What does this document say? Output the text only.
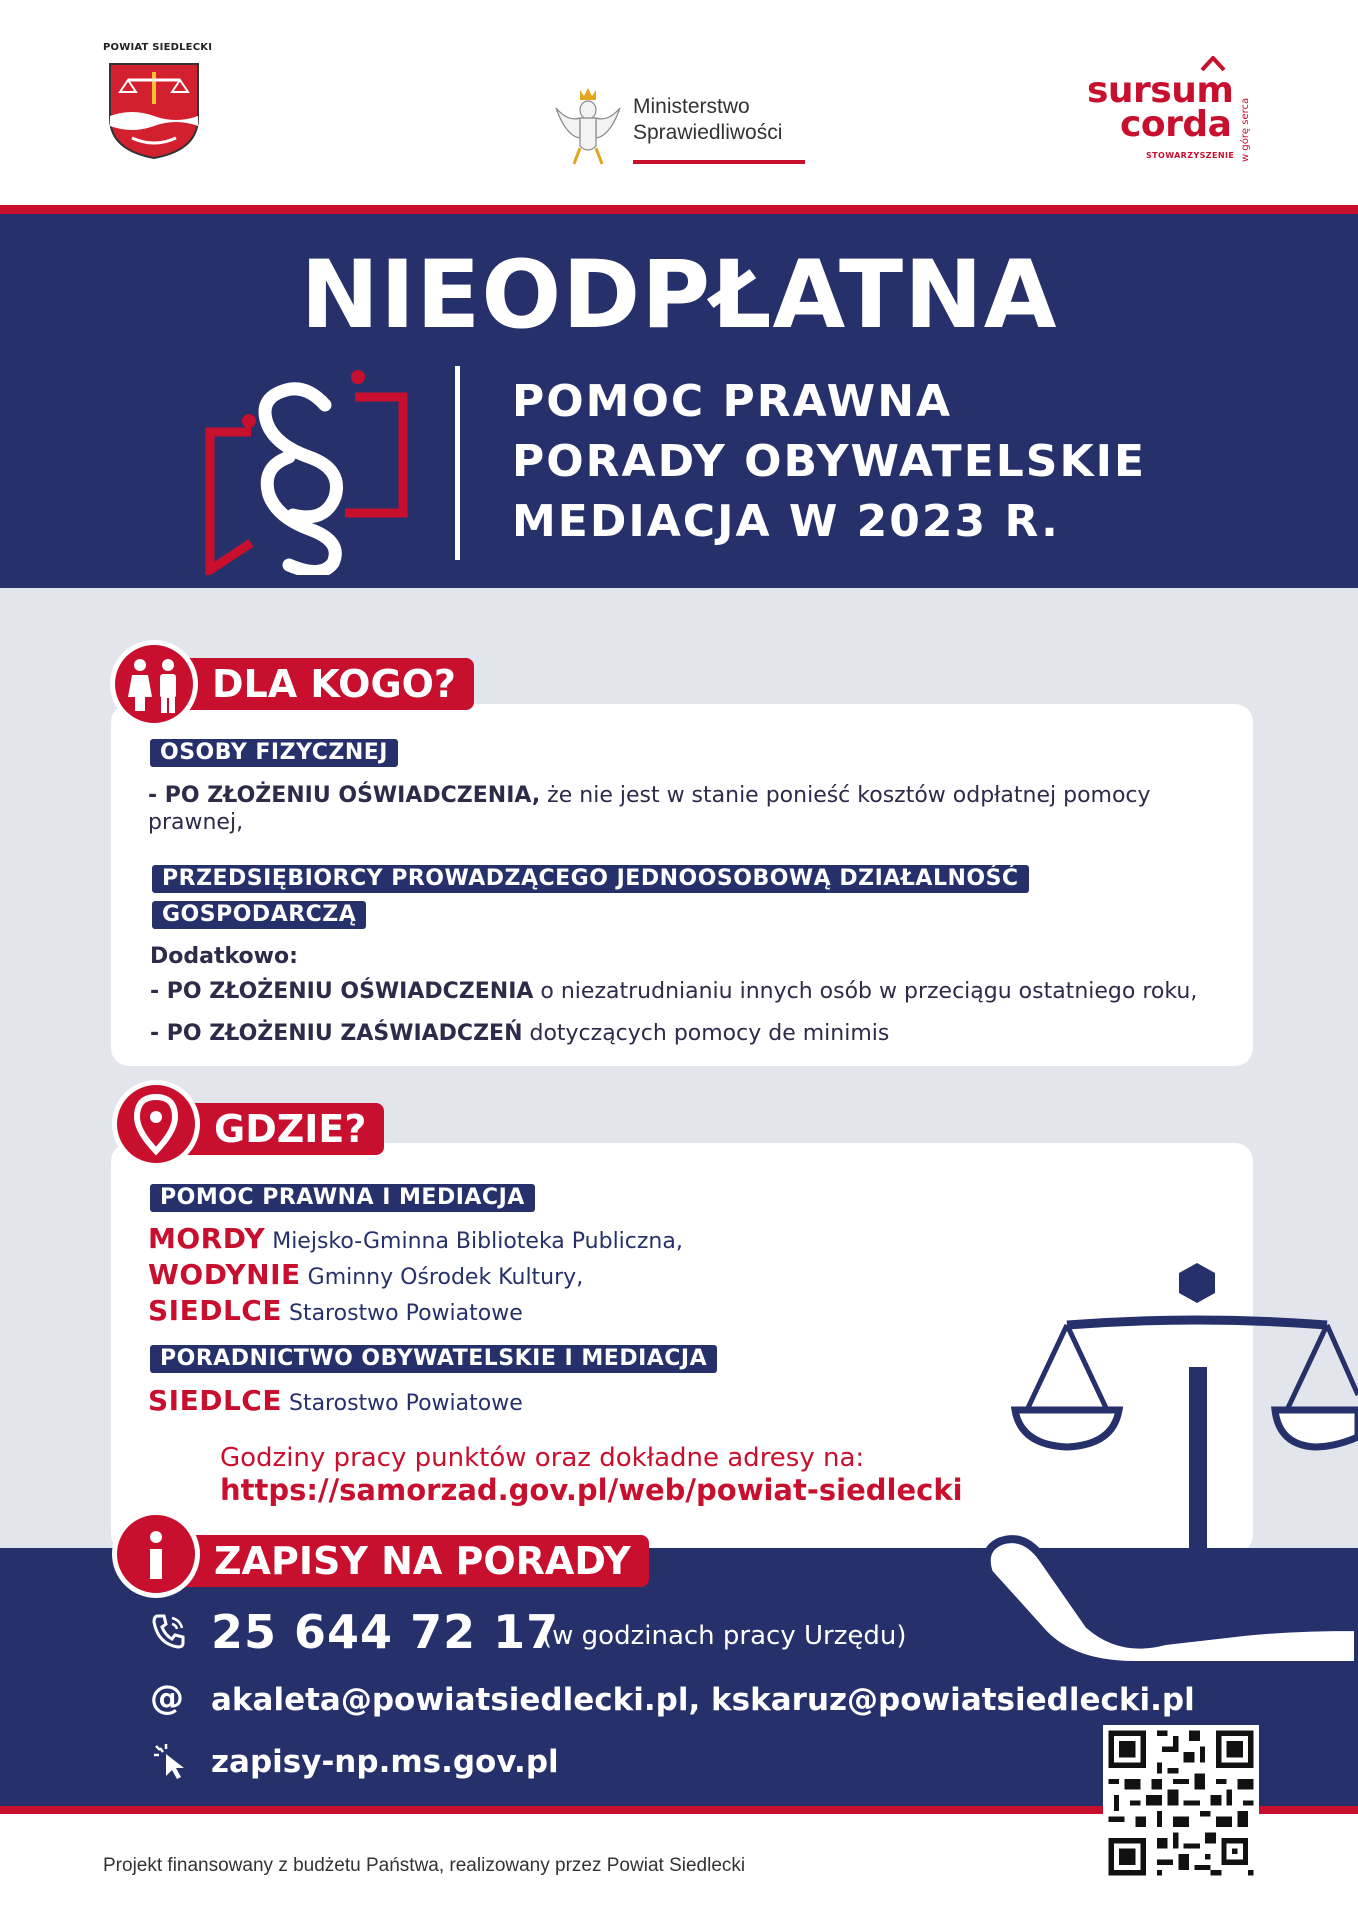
POWIAT SIEDLECKI
Ministerstwo
Sprawiedliwości
sursum
corda
STOWARZYSZENIE w górę serca
NIEODPŁATNA
POMOC PRAWNA
PORADY OBYWATELSKIE
MEDIACJA W 2023 R.
DLA KOGO?
OSOBY FIZYCZNEJ
- PO ZŁOŻENIU OŚWIADCZENIA, że nie jest w stanie ponieść kosztów odpłatnej pomocy
prawnej,
PRZEDSIĘBIORCY PROWADZĄCEGO JEDNOOSOBOWĄ DZIAŁALNOŚĆ
GOSPODARCZĄ
Dodatkowo:
- PO ZŁOŻENIU OŚWIADCZENIA o niezatrudnianiu innych osób w przeciągu ostatniego roku,
- PO ZŁOŻENIU ZAŚWIADCZEŃ dotyczących pomocy de minimis
GDZIE?
POMOC PRAWNA I MEDIACJA
MORDY Miejsko-Gminna Biblioteka Publiczna,
WODYNIE Gminny Ośrodek Kultury,
SIEDLCE Starostwo Powiatowe
PORADNICTWO OBYWATELSKIE I MEDIACJA
SIEDLCE Starostwo Powiatowe
Godziny pracy punktów oraz dokładne adresy na:
https://samorzad.gov.pl/web/powiat-siedlecki
ZAPISY NA PORADY
25 644 72 17
(w godzinach pracy Urzędu)
@ akaleta@powiatsiedlecki.pl, kskaruz@powiatsiedlecki.pl
zapisy-np.ms.gov.pl
Projekt finansowany z budżetu Państwa, realizowany przez Powiat Siedlecki
